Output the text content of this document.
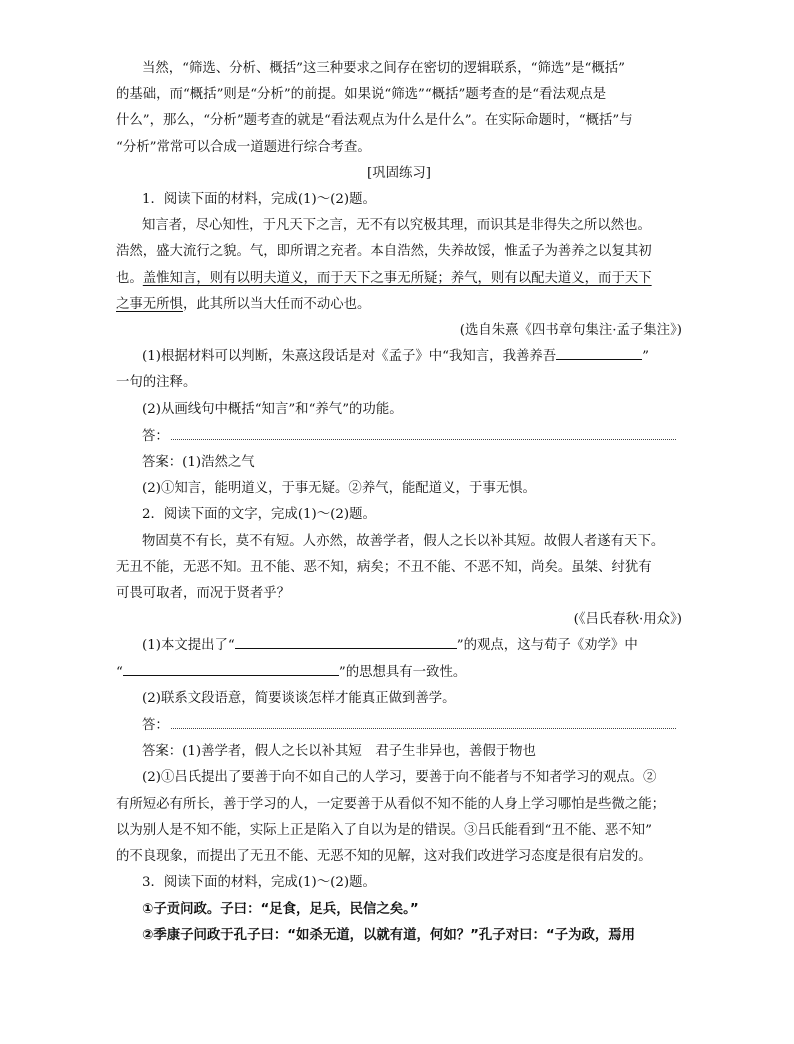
当然，“筛选、分析、概括”这三种要求之间存在密切的逻辑联系，“筛选”是“概括”
的基础，而“概括”则是“分析”的前提。如果说“筛选”“概括”题考查的是“看法观点是
什么”，那么，“分析”题考查的就是“看法观点为什么是什么”。在实际命题时，“概括”与
“分析”常常可以合成一道题进行综合考查。
[巩固练习]
1．阅读下面的材料，完成(1)～(2)题。
知言者，尽心知性，于凡天下之言，无不有以究极其理，而识其是非得失之所以然也。
浩然，盛大流行之貌。气，即所谓之充者。本自浩然，失养故馁，惟孟子为善养之以复其初
也。盖惟知言，则有以明夫道义，而于天下之事无所疑；养气，则有以配夫道义，而于天下
之事无所惧，此其所以当大任而不动心也。
(选自朱熹《四书章句集注·孟子集注》)
(1)根据材料可以判断，朱熹这段话是对《孟子》中“我知言，我善养吾	”
一句的注释。
(2)从画线句中概括“知言”和“养气”的功能。
答：
答案：(1)浩然之气
(2)①知言，能明道义，于事无疑。②养气，能配道义，于事无惧。
2．阅读下面的文字，完成(1)～(2)题。
物固莫不有长，莫不有短。人亦然，故善学者，假人之长以补其短。故假人者遂有天下。
无丑不能，无恶不知。丑不能、恶不知，病矣；不丑不能、不恶不知，尚矣。虽桀、纣犹有
可畏可取者，而况于贤者乎？
(《吕氏春秋·用众》)
(1)本文提出了“	”的观点，这与荀子《劝学》中
“	”的思想具有一致性。
(2)联系文段语意，简要谈谈怎样才能真正做到善学。
答：
答案：(1)善学者，假人之长以补其短　君子生非异也，善假于物也
(2)①吕氏提出了要善于向不如自己的人学习，要善于向不能者与不知者学习的观点。②
有所短必有所长，善于学习的人，一定要善于从看似不知不能的人身上学习哪怕是些微之能；
以为别人是不知不能，实际上正是陷入了自以为是的错误。③吕氏能看到“丑不能、恶不知”
的不良现象，而提出了无丑不能、无恶不知的见解，这对我们改进学习态度是很有启发的。
3．阅读下面的材料，完成(1)～(2)题。
①子贡问政。子曰：“足食，足兵，民信之矣。”
②季康子问政于孔子曰：“如杀无道，以就有道，何如？”孔子对曰：“子为政，焉用
